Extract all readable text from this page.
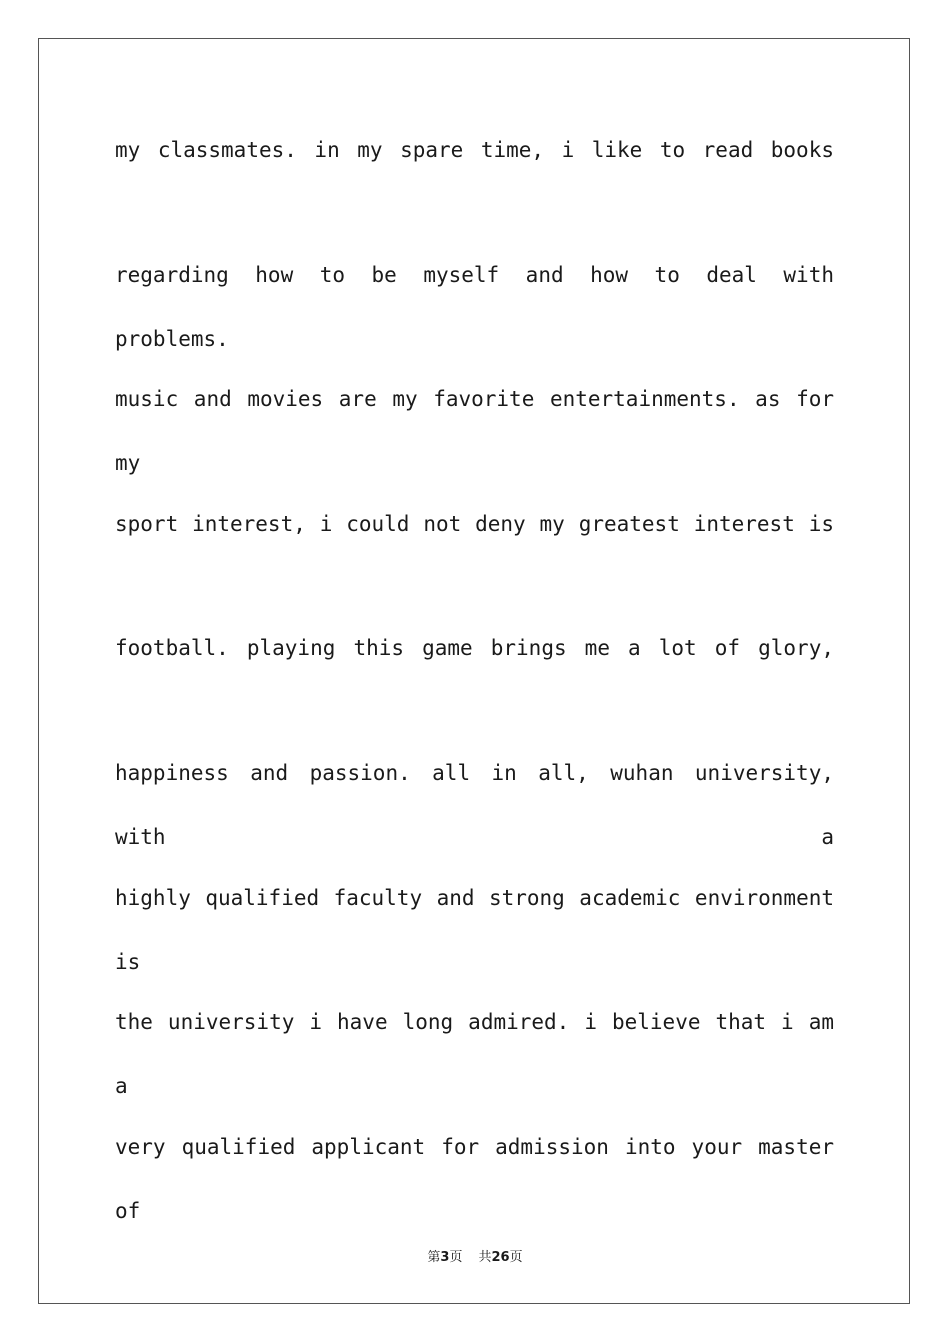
my classmates. in my spare time, i like to read books
regarding how to be myself and how to deal with problems.
music and movies are my favorite entertainments. as for my
sport interest, i could not deny my greatest interest is
football. playing this game brings me a lot of glory,
happiness and passion. all in all, wuhan university, with a
highly qualified faculty and strong academic environment is
the university i have long admired. i believe that i am a
very qualified applicant for admission into your master of
第3页 共26页
